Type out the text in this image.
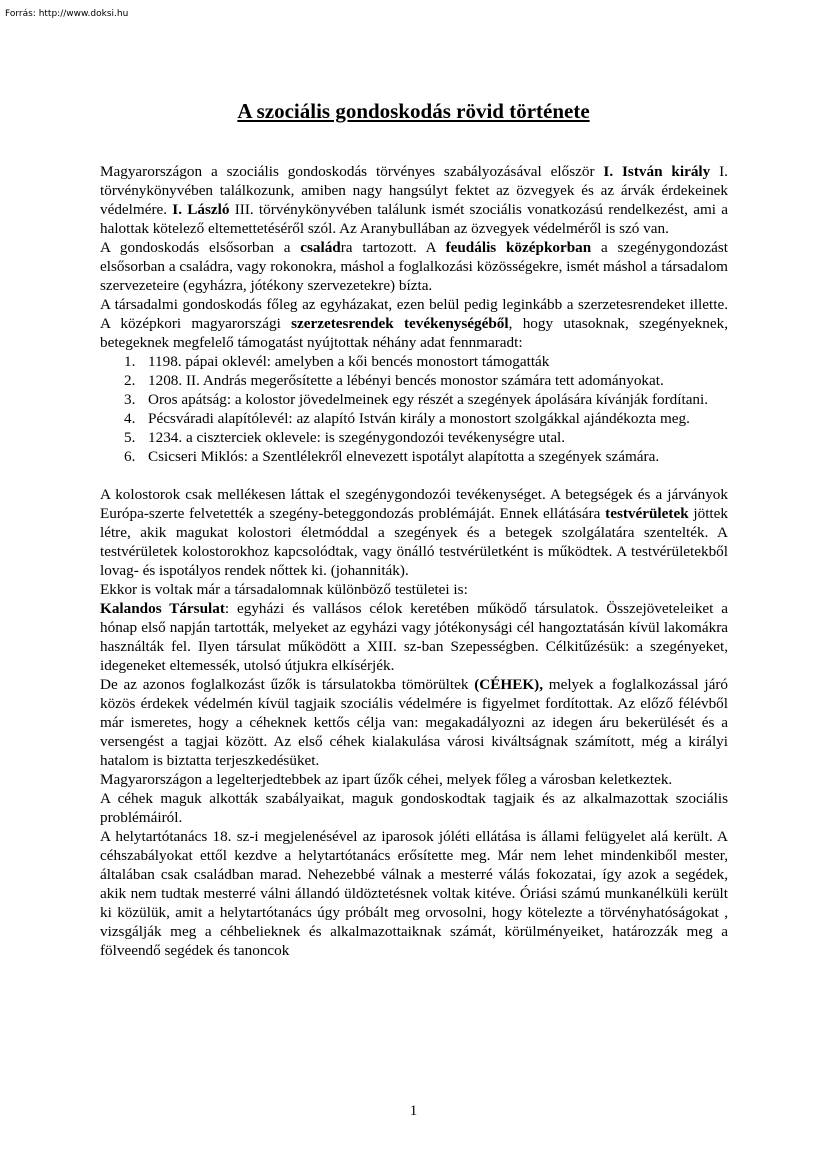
Forrás: http://www.doksi.hu
A szociális gondoskodás rövid története

Magyarországon a szociális gondoskodás törvényes szabályozásával először I. István király I. törvénykönyvében találkozunk, amiben nagy hangsúlyt fektet az özvegyek és az árvák érdekeinek védelmére. I. László III. törvénykönyvében találunk ismét szociális vonatkozású rendelkezést, ami a halottak kötelező eltemettetéséről szól. Az Aranybullában az özvegyek védelméről is szó van.

A gondoskodás elsősorban a családra tartozott. A feudális középkorban a szegénygondozást elsősorban a családra, vagy rokonokra, máshol a foglalkozási közösségekre, ismét máshol a társadalom szervezeteire (egyházra, jótékony szervezetekre) bízta.

A társadalmi gondoskodás főleg az egyházakat, ezen belül pedig leginkább a szerzetesrendeket illette. A középkori magyarországi szerzetesrendek tevékenységéből, hogy utasoknak, szegényeknek, betegeknek megfelelő támogatást nyújtottak néhány adat fennmaradt:

1. 1198. pápai oklevél: amelyben a kői bencés monostort támogatták
2. 1208. II. András megerősítette a lébényi bencés monostor számára tett adományokat.
3. Oros apátság: a kolostor jövedelmeinek egy részét a szegények ápolására kívánják fordítani.
4. Pécsváradi alapítólevél: az alapító István király a monostort szolgákkal ajándékozta meg.
5. 1234. a ciszterciek oklevele: is szegénygondozói tevékenységre utal.
6. Csicseri Miklós: a Szentlélekről elnevezett ispotályt alapította a szegények számára.

A kolostorok csak mellékesen láttak el szegénygondozói tevékenységet. A betegségek és a járványok Európa-szerte felvetették a szegény-beteggondozás problémáját. Ennek ellátására testvérületek jöttek létre, akik magukat kolostori életmóddal a szegények és a betegek szolgálatára szentelték. A testvérületek kolostorokhoz kapcsolódtak, vagy önálló testvérületként is működtek. A testvérületekből lovag- és ispotályos rendek nőttek ki. (johanniták).

Ekkor is voltak már a társadalomnak különböző testületei is:

Kalandos Társulat: egyházi és vallásos célok keretében működő társulatok. Összejöveteleiket a hónap első napján tartották, melyeket az egyházi vagy jótékonysági cél hangoztatásán kívül lakomákra használták fel. Ilyen társulat működött a XIII. sz-ban Szepességben. Célkitűzésük: a szegényeket, idegeneket eltemessék, utolsó útjukra elkísérjék.

De az azonos foglalkozást űzők is társulatokba tömörültek (CÉHEK), melyek a foglalkozással járó közös érdekek védelmén kívül tagjaik szociális védelmére is figyelmet fordítottak. Az előző félévből már ismeretes, hogy a céheknek kettős célja van: megakadályozni az idegen áru bekerülését és a versengést a tagjai között. Az első céhek kialakulása városi kiváltságnak számított, még a királyi hatalom is biztatta terjeszkedésüket.

Magyarországon a legelterjedtebbek az ipart űzők céhei, melyek főleg a városban keletkeztek.

A céhek maguk alkották szabályaikat, maguk gondoskodtak tagjaik és az alkalmazottak szociális problémáiról.

A helytartótanács 18. sz-i megjelenésével az iparosok jóléti ellátása is állami felügyelet alá került. A céhszabályokat ettől kezdve a helytartótanács erősítette meg. Már nem lehet mindenkiből mester, általában csak családban marad. Nehezebbé válnak a mesterré válás fokozatai, így azok a segédek, akik nem tudtak mesterré válni állandó üldöztetésnek voltak kitéve. Óriási számú munkanélküli került ki közülük, amit a helytartótanács úgy próbált meg orvosolni, hogy kötelezte a törvényhatóságokat , vizsgálják meg a céhbelieknek és alkalmazottaiknak számát, körülményeiket, határozzák meg a fölveendő segédek és tanoncok

1
